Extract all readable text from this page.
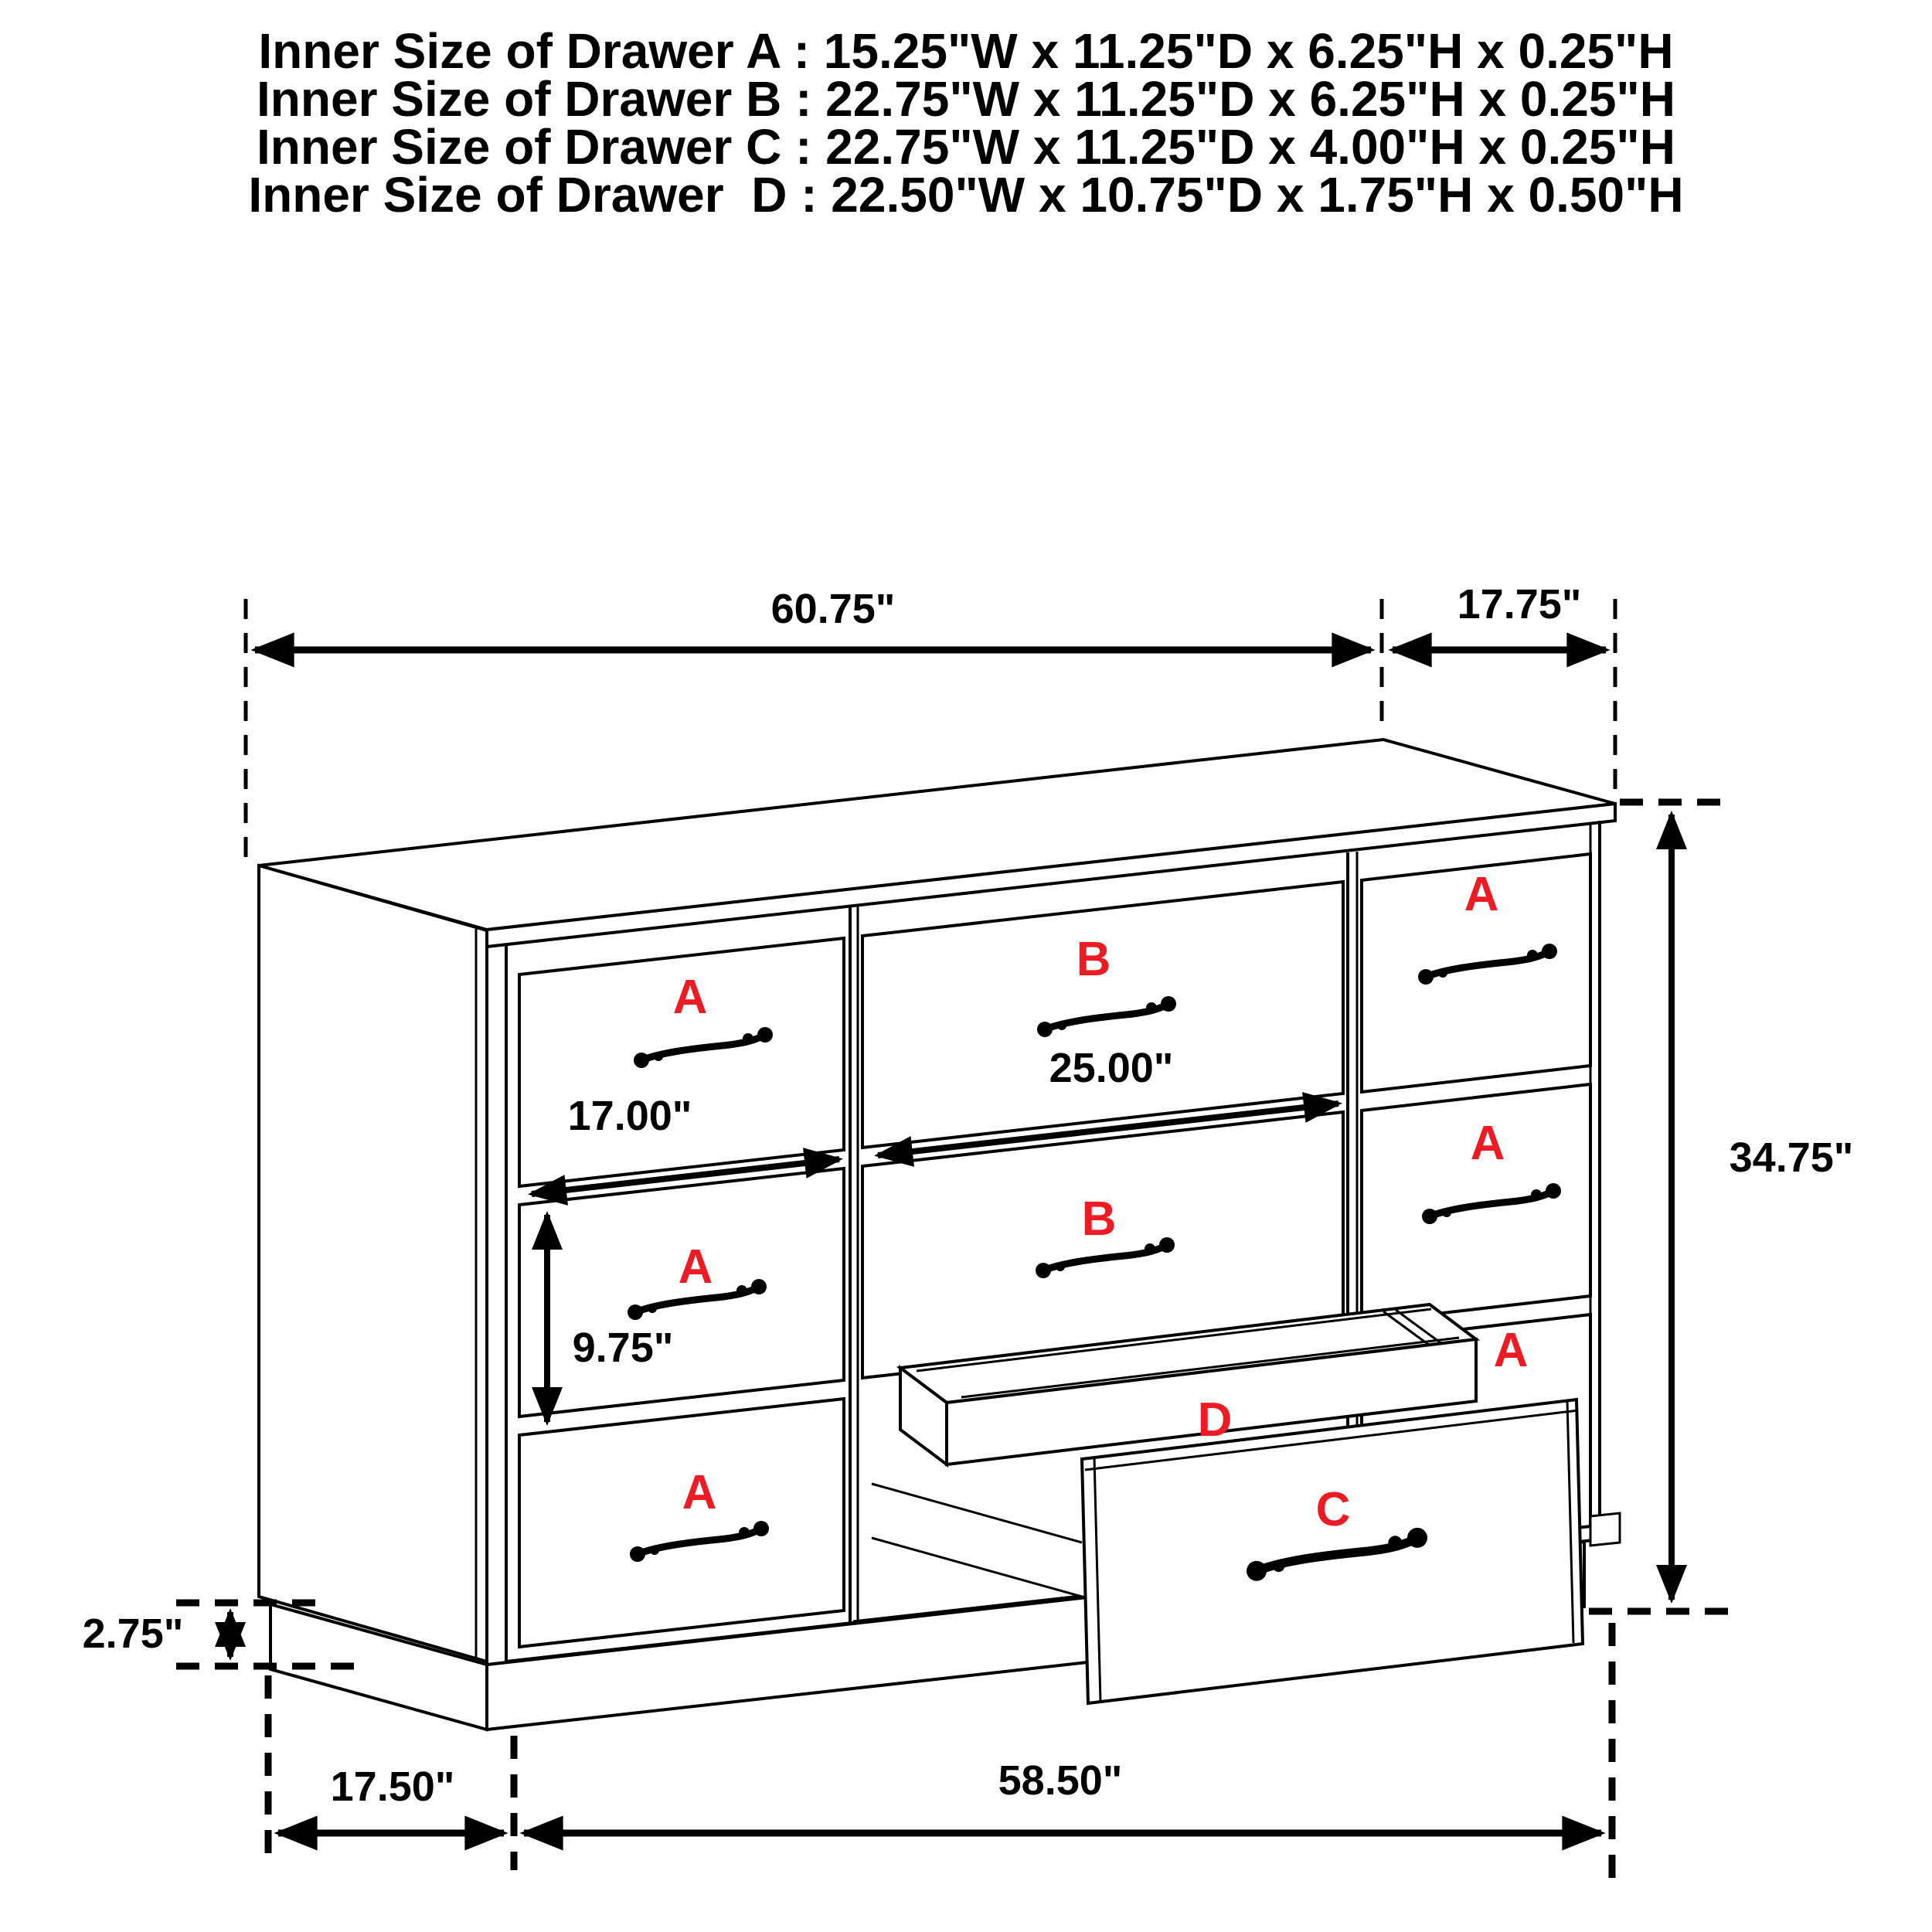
Inner Size of Drawer A : 15.25"W x 11.25"D x 6.25"H x 0.25"H
Inner Size of Drawer B : 22.75"W x 11.25"D x 6.25"H x 0.25"H
Inner Size of Drawer C : 22.75"W x 11.25"D x 4.00"H x 0.25"H
Inner Size of Drawer  D : 22.50"W x 10.75"D x 1.75"H x 0.50"H
60.75"	17.75"
17.00"
25.00"
9.75"
A
A
A
A
A
A
B
B
C
D
34.75"
2.75"
17.50"	58.50"
